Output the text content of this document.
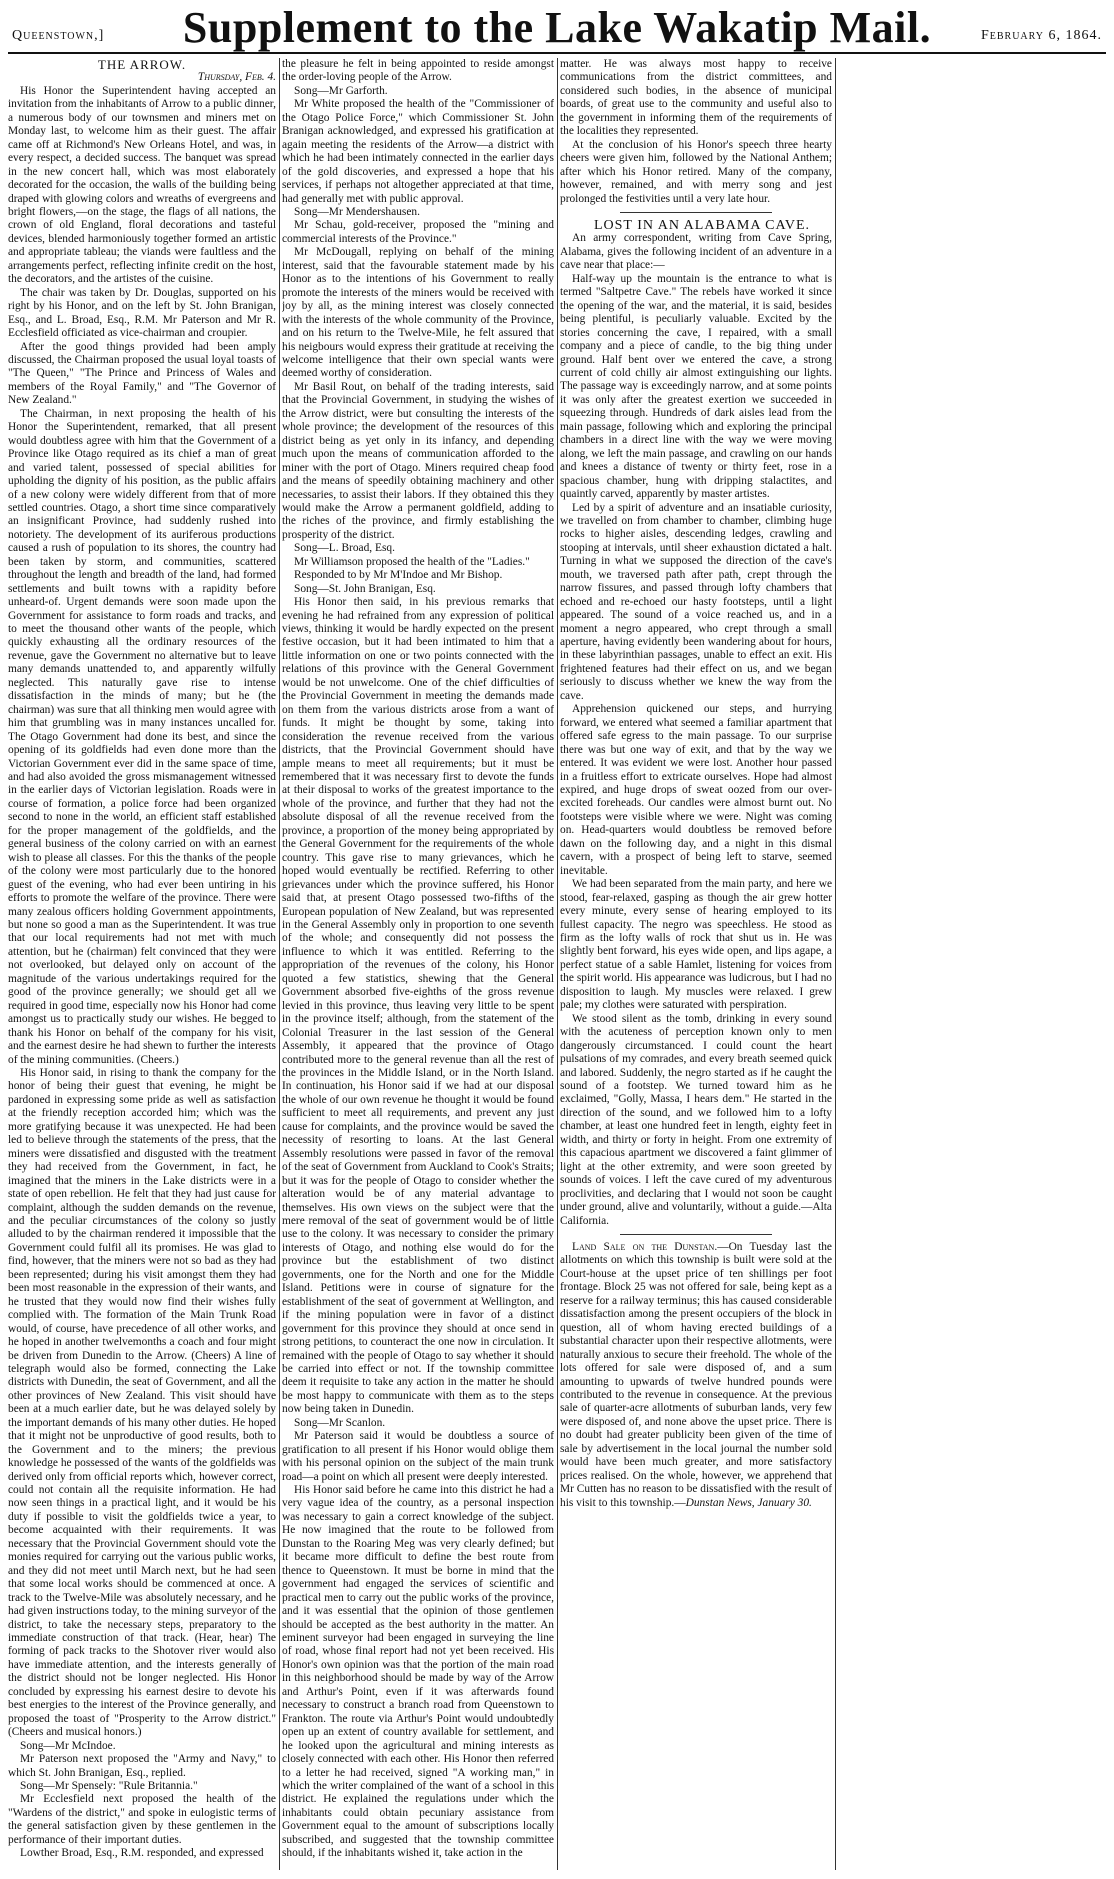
Queenstown,]	Supplement to the Lake Wakatip Mail.	February 6, 1864.

THE ARROW.

Thursday, Feb. 4.

His Honor the Superintendent having accepted an invitation from the inhabitants of Arrow to a public dinner, a numerous body of our townsmen and miners met on Monday last, to welcome him as their guest. The affair came off at Richmond's New Orleans Hotel, and was, in every respect, a decided success. The banquet was spread in the new concert hall, which was most elaborately decorated for the occasion, the walls of the building being draped with glowing colors and wreaths of evergreens and bright flowers,—on the stage, the flags of all nations, the crown of old England, floral decorations and tasteful devices, blended harmoniously together formed an artistic and appropriate tableau; the viands were faultless and the arrangements perfect, reflecting infinite credit on the host, the decorators, and the artistes of the cuisine.

The chair was taken by Dr. Douglas, supported on his right by his Honor, and on the left by St. John Branigan, Esq., and L. Broad, Esq., R.M. Mr Paterson and Mr R. Ecclesfield officiated as vice-chairman and croupier.

After the good things provided had been amply discussed, the Chairman proposed the usual loyal toasts of "The Queen," "The Prince and Princess of Wales and members of the Royal Family," and "The Governor of New Zealand."

The Chairman, in next proposing the health of his Honor the Superintendent, remarked, that all present would doubtless agree with him that the Government of a Province like Otago required as its chief a man of great and varied talent, possessed of special abilities for upholding the dignity of his position, as the public affairs of a new colony were widely different from that of more settled countries. Otago, a short time since comparatively an insignificant Province, had suddenly rushed into notoriety. The development of its auriferous productions caused a rush of population to its shores, the country had been taken by storm, and communities, scattered throughout the length and breadth of the land, had formed settlements and built towns with a rapidity before unheard-of. Urgent demands were soon made upon the Government for assistance to form roads and tracks, and to meet the thousand other wants of the people, which quickly exhausting all the ordinary resources of the revenue, gave the Government no alternative but to leave many demands unattended to, and apparently wilfully neglected. This naturally gave rise to intense dissatisfaction in the minds of many; but he (the chairman) was sure that all thinking men would agree with him that grumbling was in many instances uncalled for. The Otago Government had done its best, and since the opening of its goldfields had even done more than the Victorian Government ever did in the same space of time, and had also avoided the gross mismanagement witnessed in the earlier days of Victorian legislation. Roads were in course of formation, a police force had been organized second to none in the world, an efficient staff established for the proper management of the goldfields, and the general business of the colony carried on with an earnest wish to please all classes. For this the thanks of the people of the colony were most particularly due to the honored guest of the evening, who had ever been untiring in his efforts to promote the welfare of the province. There were many zealous officers holding Government appointments, but none so good a man as the Superintendent. It was true that our local requirements had not met with much attention, but he (chairman) felt convinced that they were not overlooked, but delayed only on account of the magnitude of the various undertakings required for the good of the province generally; we should get all we required in good time, especially now his Honor had come amongst us to practically study our wishes. He begged to thank his Honor on behalf of the company for his visit, and the earnest desire he had shewn to further the interests of the mining communities. (Cheers.)

His Honor said, in rising to thank the company for the honor of being their guest that evening, he might be pardoned in expressing some pride as well as satisfaction at the friendly reception accorded him; which was the more gratifying because it was unexpected. He had been led to believe through the statements of the press, that the miners were dissatisfied and disgusted with the treatment they had received from the Government, in fact, he imagined that the miners in the Lake districts were in a state of open rebellion. He felt that they had just cause for complaint, although the sudden demands on the revenue, and the peculiar circumstances of the colony so justly alluded to by the chairman rendered it impossible that the Government could fulfil all its promises. He was glad to find, however, that the miners were not so bad as they had been represented; during his visit amongst them they had been most reasonable in the expression of their wants, and he trusted that they would now find their wishes fully complied with. The formation of the Main Trunk Road would, of course, have precedence of all other works, and he hoped in another twelvemonths a coach and four might be driven from Dunedin to the Arrow. (Cheers) A line of telegraph would also be formed, connecting the Lake districts with Dunedin, the seat of Government, and all the other provinces of New Zealand. This visit should have been at a much earlier date, but he was delayed solely by the important demands of his many other duties. He hoped that it might not be unproductive of good results, both to the Government and to the miners; the previous knowledge he possessed of the wants of the goldfields was derived only from official reports which, however correct, could not contain all the requisite information. He had now seen things in a practical light, and it would be his duty if possible to visit the goldfields twice a year, to become acquainted with their requirements. It was necessary that the Provincial Government should vote the monies required for carrying out the various public works, and they did not meet until March next, but he had seen that some local works should be commenced at once. A track to the Twelve-Mile was absolutely necessary, and he had given instructions today, to the mining surveyor of the district, to take the necessary steps, preparatory to the immediate construction of that track. (Hear, hear) The forming of pack tracks to the Shotover river would also have immediate attention, and the interests generally of the district should not be longer neglected. His Honor concluded by expressing his earnest desire to devote his best energies to the interest of the Province generally, and proposed the toast of "Prosperity to the Arrow district." (Cheers and musical honors.)

Song—Mr McIndoe.

Mr Paterson next proposed the "Army and Navy," to which St. John Branigan, Esq., replied.

Song—Mr Spensely: "Rule Britannia."

Mr Ecclesfield next proposed the health of the "Wardens of the district," and spoke in eulogistic terms of the general satisfaction given by these gentlemen in the performance of their important duties.

Lowther Broad, Esq., R.M. responded, and expressed

the pleasure he felt in being appointed to reside amongst the order-loving people of the Arrow.

Song—Mr Garforth.

Mr White proposed the health of the "Commissioner of the Otago Police Force," which Commissioner St. John Branigan acknowledged, and expressed his gratification at again meeting the residents of the Arrow—a district with which he had been intimately connected in the earlier days of the gold discoveries, and expressed a hope that his services, if perhaps not altogether appreciated at that time, had generally met with public approval.

Song—Mr Mendershausen.

Mr Schau, gold-receiver, proposed the "mining and commercial interests of the Province."

Mr McDougall, replying on behalf of the mining interest, said that the favourable statement made by his Honor as to the intentions of his Government to really promote the interests of the miners would be received with joy by all, as the mining interest was closely connected with the interests of the whole community of the Province, and on his return to the Twelve-Mile, he felt assured that his neigbours would express their gratitude at receiving the welcome intelligence that their own special wants were deemed worthy of consideration.

Mr Basil Rout, on behalf of the trading interests, said that the Provincial Government, in studying the wishes of the Arrow district, were but consulting the interests of the whole province; the development of the resources of this district being as yet only in its infancy, and depending much upon the means of communication afforded to the miner with the port of Otago. Miners required cheap food and the means of speedily obtaining machinery and other necessaries, to assist their labors. If they obtained this they would make the Arrow a permanent goldfield, adding to the riches of the province, and firmly establishing the prosperity of the district.

Song—L. Broad, Esq.

Mr Williamson proposed the health of the "Ladies."

Responded to by Mr M'Indoe and Mr Bishop.

Song—St. John Branigan, Esq.

His Honor then said, in his previous remarks that evening he had refrained from any expression of political views, thinking it would be hardly expected on the present festive occasion, but it had been intimated to him that a little information on one or two points connected with the relations of this province with the General Government would be not unwelcome. One of the chief difficulties of the Provincial Government in meeting the demands made on them from the various districts arose from a want of funds. It might be thought by some, taking into consideration the revenue received from the various districts, that the Provincial Government should have ample means to meet all requirements; but it must be remembered that it was necessary first to devote the funds at their disposal to works of the greatest importance to the whole of the province, and further that they had not the absolute disposal of all the revenue received from the province, a proportion of the money being appropriated by the General Government for the requirements of the whole country. This gave rise to many grievances, which he hoped would eventually be rectified. Referring to other grievances under which the province suffered, his Honor said that, at present Otago possessed two-fifths of the European population of New Zealand, but was represented in the General Assembly only in proportion to one seventh of the whole; and consequently did not possess the influence to which it was entitled. Referring to the appropriation of the revenues of the colony, his Honor quoted a few statistics, shewing that the General Government absorbed five-eighths of the gross revenue levied in this province, thus leaving very little to be spent in the province itself; although, from the statement of the Colonial Treasurer in the last session of the General Assembly, it appeared that the province of Otago contributed more to the general revenue than all the rest of the provinces in the Middle Island, or in the North Island. In continuation, his Honor said if we had at our disposal the whole of our own revenue he thought it would be found sufficient to meet all requirements, and prevent any just cause for complaints, and the province would be saved the necessity of resorting to loans. At the last General Assembly resolutions were passed in favor of the removal of the seat of Government from Auckland to Cook's Straits; but it was for the people of Otago to consider whether the alteration would be of any material advantage to themselves. His own views on the subject were that the mere removal of the seat of government would be of little use to the colony. It was necessary to consider the primary interests of Otago, and nothing else would do for the province but the establishment of two distinct governments, one for the North and one for the Middle Island. Petitions were in course of signature for the establishment of the seat of government at Wellington, and if the mining population were in favor of a distinct government for this province they should at once send in strong petitions, to counteract the one now in circulation. It remained with the people of Otago to say whether it should be carried into effect or not. If the township committee deem it requisite to take any action in the matter he should be most happy to communicate with them as to the steps now being taken in Dunedin.

Song—Mr Scanlon.

Mr Paterson said it would be doubtless a source of gratification to all present if his Honor would oblige them with his personal opinion on the subject of the main trunk road—a point on which all present were deeply interested.

His Honor said before he came into this district he had a very vague idea of the country, as a personal inspection was necessary to gain a correct knowledge of the subject. He now imagined that the route to be followed from Dunstan to the Roaring Meg was very clearly defined; but it became more difficult to define the best route from thence to Queenstown. It must be borne in mind that the government had engaged the services of scientific and practical men to carry out the public works of the province, and it was essential that the opinion of those gentlemen should be accepted as the best authority in the matter. An eminent surveyor had been engaged in surveying the line of road, whose final report had not yet been received. His Honor's own opinion was that the portion of the main road in this neighborhood should be made by way of the Arrow and Arthur's Point, even if it was afterwards found necessary to construct a branch road from Queenstown to Frankton. The route via Arthur's Point would undoubtedly open up an extent of country available for settlement, and he looked upon the agricultural and mining interests as closely connected with each other. His Honor then referred to a letter he had received, signed "A working man," in which the writer complained of the want of a school in this district. He explained the regulations under which the inhabitants could obtain pecuniary assistance from Government equal to the amount of subscriptions locally subscribed, and suggested that the township committee should, if the inhabitants wished it, take action in the

matter. He was always most happy to receive communications from the district committees, and considered such bodies, in the absence of municipal boards, of great use to the community and useful also to the government in informing them of the requirements of the localities they represented.

At the conclusion of his Honor's speech three hearty cheers were given him, followed by the National Anthem; after which his Honor retired. Many of the company, however, remained, and with merry song and jest prolonged the festivities until a very late hour.

LOST IN AN ALABAMA CAVE.

An army correspondent, writing from Cave Spring, Alabama, gives the following incident of an adventure in a cave near that place:—

Half-way up the mountain is the entrance to what is termed "Saltpetre Cave." The rebels have worked it since the opening of the war, and the material, it is said, besides being plentiful, is peculiarly valuable. Excited by the stories concerning the cave, I repaired, with a small company and a piece of candle, to the big thing under ground. Half bent over we entered the cave, a strong current of cold chilly air almost extinguishing our lights. The passage way is exceedingly narrow, and at some points it was only after the greatest exertion we succeeded in squeezing through. Hundreds of dark aisles lead from the main passage, following which and exploring the principal chambers in a direct line with the way we were moving along, we left the main passage, and crawling on our hands and knees a distance of twenty or thirty feet, rose in a spacious chamber, hung with dripping stalactites, and quaintly carved, apparently by master artistes.

Led by a spirit of adventure and an insatiable curiosity, we travelled on from chamber to chamber, climbing huge rocks to higher aisles, descending ledges, crawling and stooping at intervals, until sheer exhaustion dictated a halt. Turning in what we supposed the direction of the cave's mouth, we traversed path after path, crept through the narrow fissures, and passed through lofty chambers that echoed and re-echoed our hasty footsteps, until a light appeared. The sound of a voice reached us, and in a moment a negro appeared, who crept through a small aperture, having evidently been wandering about for hours, in these labyrinthian passages, unable to effect an exit. His frightened features had their effect on us, and we began seriously to discuss whether we knew the way from the cave.

Apprehension quickened our steps, and hurrying forward, we entered what seemed a familiar apartment that offered safe egress to the main passage. To our surprise there was but one way of exit, and that by the way we entered. It was evident we were lost. Another hour passed in a fruitless effort to extricate ourselves. Hope had almost expired, and huge drops of sweat oozed from our over-excited foreheads. Our candles were almost burnt out. No footsteps were visible where we were. Night was coming on. Head-quarters would doubtless be removed before dawn on the following day, and a night in this dismal cavern, with a prospect of being left to starve, seemed inevitable.

We had been separated from the main party, and here we stood, fear-relaxed, gasping as though the air grew hotter every minute, every sense of hearing employed to its fullest capacity. The negro was speechless. He stood as firm as the lofty walls of rock that shut us in. He was slightly bent forward, his eyes wide open, and lips agape, a perfect statue of a sable Hamlet, listening for voices from the spirit world. His appearance was ludicrous, but I had no disposition to laugh. My muscles were relaxed. I grew pale; my clothes were saturated with perspiration.

We stood silent as the tomb, drinking in every sound with the acuteness of perception known only to men dangerously circumstanced. I could count the heart pulsations of my comrades, and every breath seemed quick and labored. Suddenly, the negro started as if he caught the sound of a footstep. We turned toward him as he exclaimed, "Golly, Massa, I hears dem." He started in the direction of the sound, and we followed him to a lofty chamber, at least one hundred feet in length, eighty feet in width, and thirty or forty in height. From one extremity of this capacious apartment we discovered a faint glimmer of light at the other extremity, and were soon greeted by sounds of voices. I left the cave cured of my adventurous proclivities, and declaring that I would not soon be caught under ground, alive and voluntarily, without a guide.—Alta California.

Land Sale on the Dunstan.—On Tuesday last the allotments on which this township is built were sold at the Court-house at the upset price of ten shillings per foot frontage. Block 25 was not offered for sale, being kept as a reserve for a railway terminus; this has caused considerable dissatisfaction among the present occupiers of the block in question, all of whom having erected buildings of a substantial character upon their respective allotments, were naturally anxious to secure their freehold. The whole of the lots offered for sale were disposed of, and a sum amounting to upwards of twelve hundred pounds were contributed to the revenue in consequence. At the previous sale of quarter-acre allotments of suburban lands, very few were disposed of, and none above the upset price. There is no doubt had greater publicity been given of the time of sale by advertisement in the local journal the number sold would have been much greater, and more satisfactory prices realised. On the whole, however, we apprehend that Mr Cutten has no reason to be dissatisfied with the result of his visit to this township.—Dunstan News, January 30.
